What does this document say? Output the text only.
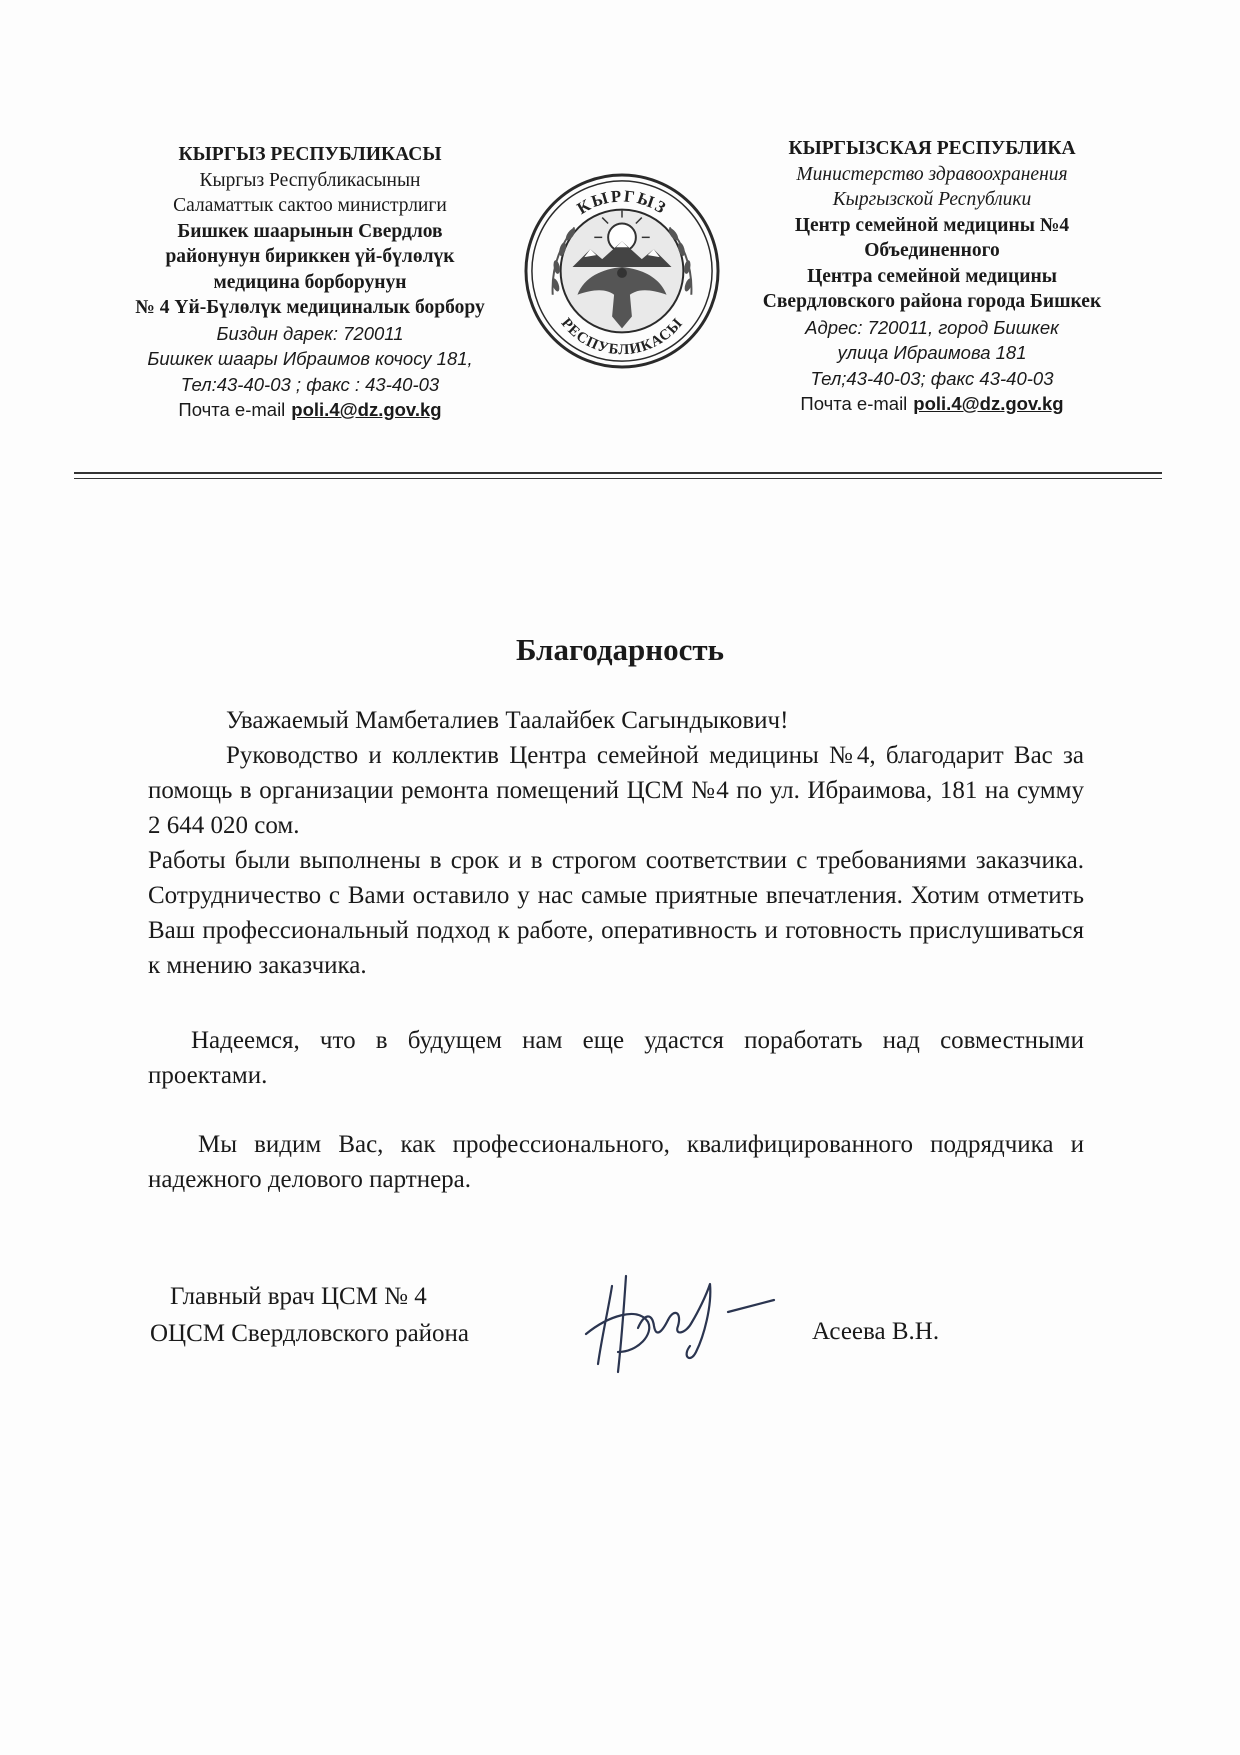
КЫРГЫЗ РЕСПУБЛИКАСЫ
Кыргыз Республикасынын
Саламаттык сактоо министрлиги
Бишкек шаарынын Свердлов
районунун бириккен үй-бүлөлүк
медицина борборунун
№ 4 Үй-Бүлөлүк медициналык борбору
Биздин дарек: 720011
Бишкек шаары Ибраимов кочосу 181,
Тел:43-40-03 ; факс : 43-40-03
Почта e-mail poli.4@dz.gov.kg
КЫРГЫЗ
РЕСПУБЛИКАСЫ
КЫРГЫЗСКАЯ РЕСПУБЛИКА
Министерство здравоохранения
Кыргызской Республики
Центр семейной медицины №4
Объединенного
Центра семейной медицины
Свердловского района города Бишкек
Адрес: 720011, город Бишкек
улица Ибраимова 181
Тел;43-40-03; факс 43-40-03
Почта e-mail poli.4@dz.gov.kg
Благодарность
Уважаемый Мамбеталиев Таалайбек Сагындыкович!
Руководство и коллектив Центра семейной медицины №4, благодарит Вас за помощь в организации ремонта помещений ЦСМ №4 по ул. Ибраимова, 181 на сумму 2 644 020 сом.
Работы были выполнены в срок и в строгом соответствии с требованиями заказчика. Сотрудничество с Вами оставило у нас самые приятные впечатления. Хотим отметить Ваш профессиональный подход к работе, оперативность и готовность прислушиваться к мнению заказчика.
Надеемся, что в будущем нам еще удастся поработать над совместными проектами.
Мы видим Вас, как профессионального, квалифицированного подрядчика и надежного делового партнера.
Главный врач ЦСМ № 4
ОЦСМ Свердловского района	Асеева В.Н.
